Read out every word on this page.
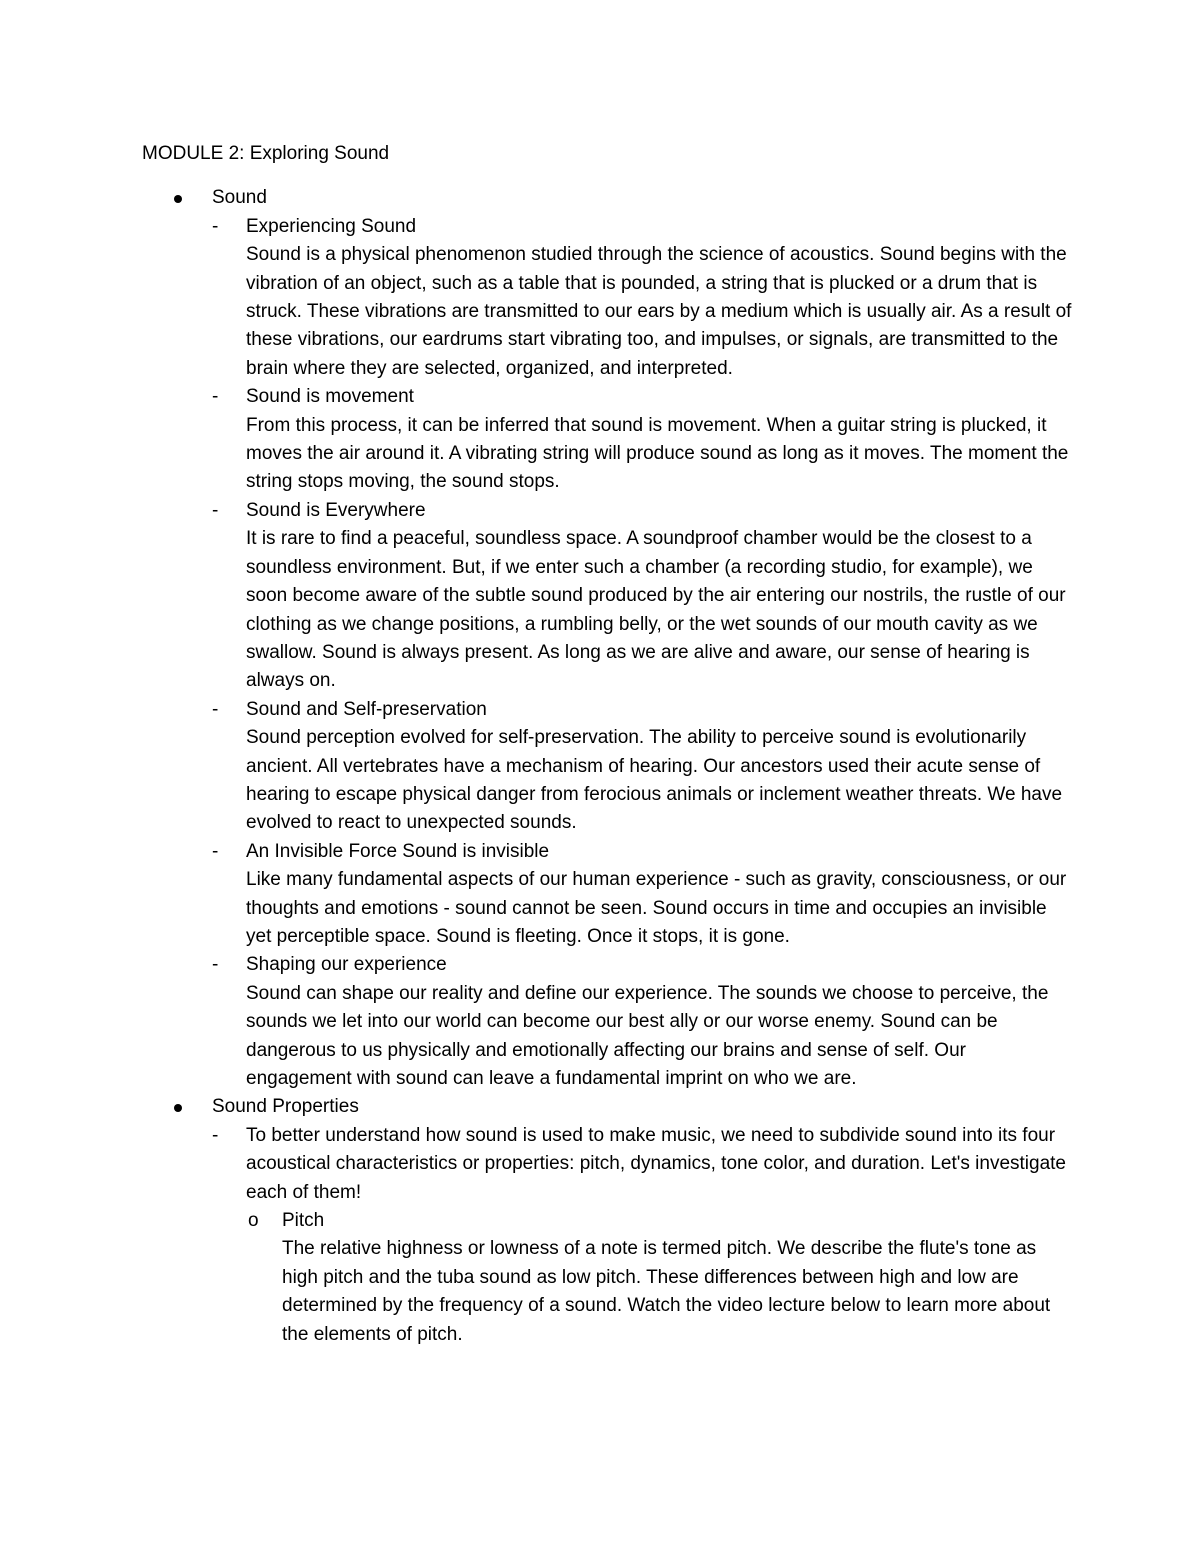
MODULE 2: Exploring Sound
Sound
- Experiencing Sound
Sound is a physical phenomenon studied through the science of acoustics. Sound begins with the vibration of an object, such as a table that is pounded, a string that is plucked or a drum that is struck. These vibrations are transmitted to our ears by a medium which is usually air. As a result of these vibrations, our eardrums start vibrating too, and impulses, or signals, are transmitted to the brain where they are selected, organized, and interpreted.
- Sound is movement
From this process, it can be inferred that sound is movement. When a guitar string is plucked, it moves the air around it. A vibrating string will produce sound as long as it moves. The moment the string stops moving, the sound stops.
- Sound is Everywhere
It is rare to find a peaceful, soundless space. A soundproof chamber would be the closest to a soundless environment. But, if we enter such a chamber (a recording studio, for example), we soon become aware of the subtle sound produced by the air entering our nostrils, the rustle of our clothing as we change positions, a rumbling belly, or the wet sounds of our mouth cavity as we swallow. Sound is always present. As long as we are alive and aware, our sense of hearing is always on.
- Sound and Self-preservation
Sound perception evolved for self-preservation. The ability to perceive sound is evolutionarily ancient. All vertebrates have a mechanism of hearing. Our ancestors used their acute sense of hearing to escape physical danger from ferocious animals or inclement weather threats. We have evolved to react to unexpected sounds.
- An Invisible Force Sound is invisible
Like many fundamental aspects of our human experience - such as gravity, consciousness, or our thoughts and emotions - sound cannot be seen. Sound occurs in time and occupies an invisible yet perceptible space. Sound is fleeting. Once it stops, it is gone.
- Shaping our experience
Sound can shape our reality and define our experience. The sounds we choose to perceive, the sounds we let into our world can become our best ally or our worse enemy. Sound can be dangerous to us physically and emotionally affecting our brains and sense of self. Our engagement with sound can leave a fundamental imprint on who we are.
Sound Properties
- To better understand how sound is used to make music, we need to subdivide sound into its four acoustical characteristics or properties: pitch, dynamics, tone color, and duration. Let's investigate each of them!
o Pitch
The relative highness or lowness of a note is termed pitch. We describe the flute's tone as high pitch and the tuba sound as low pitch. These differences between high and low are determined by the frequency of a sound. Watch the video lecture below to learn more about the elements of pitch.
